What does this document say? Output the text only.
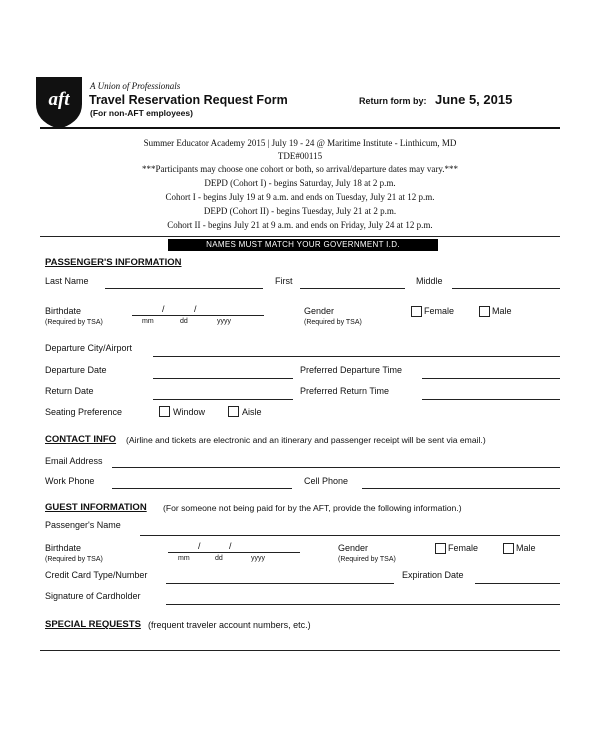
aft
A Union of Professionals
Travel Reservation Request Form
(For non-AFT employees)
Return form by: June 5, 2015
Summer Educator Academy 2015 | July 19 - 24 @ Maritime Institute - Linthicum, MD
***Participants may choose one cohort or both, so arrival/departure dates may vary.***
TDE#00115
DEPD (Cohort I) - begins Saturday, July 18 at 2 p.m.
Cohort I - begins July 19 at 9 a.m. and ends on Tuesday, July 21 at 12 p.m.
DEPD (Cohort II) - begins Tuesday, July 21 at 2 p.m.
Cohort II - begins July 21 at 9 a.m. and ends on Friday, July 24 at 12 p.m.
NAMES MUST MATCH YOUR GOVERNMENT I.D.
PASSENGER'S INFORMATION
Last Name	First	Middle
Birthdate
(Required by TSA)
/	/
mm	dd	yyyy
Gender
(Required by TSA)
Female	Male
Departure City/Airport
Departure Date	Preferred Departure Time
Return Date	Preferred Return Time
Seating Preference	Window	Aisle
CONTACT INFO (Airline and tickets are electronic and an itinerary and passenger receipt will be sent via email.)
Email Address
Work Phone	Cell Phone
GUEST INFORMATION (For someone not being paid for by the AFT, provide the following information.)
Passenger's Name
Birthdate
(Required by TSA)
/	/
mm	dd	yyyy
Gender
(Required by TSA)
Female	Male
Credit Card Type/Number	Expiration Date
Signature of Cardholder
SPECIAL REQUESTS (frequent traveler account numbers, etc.)
